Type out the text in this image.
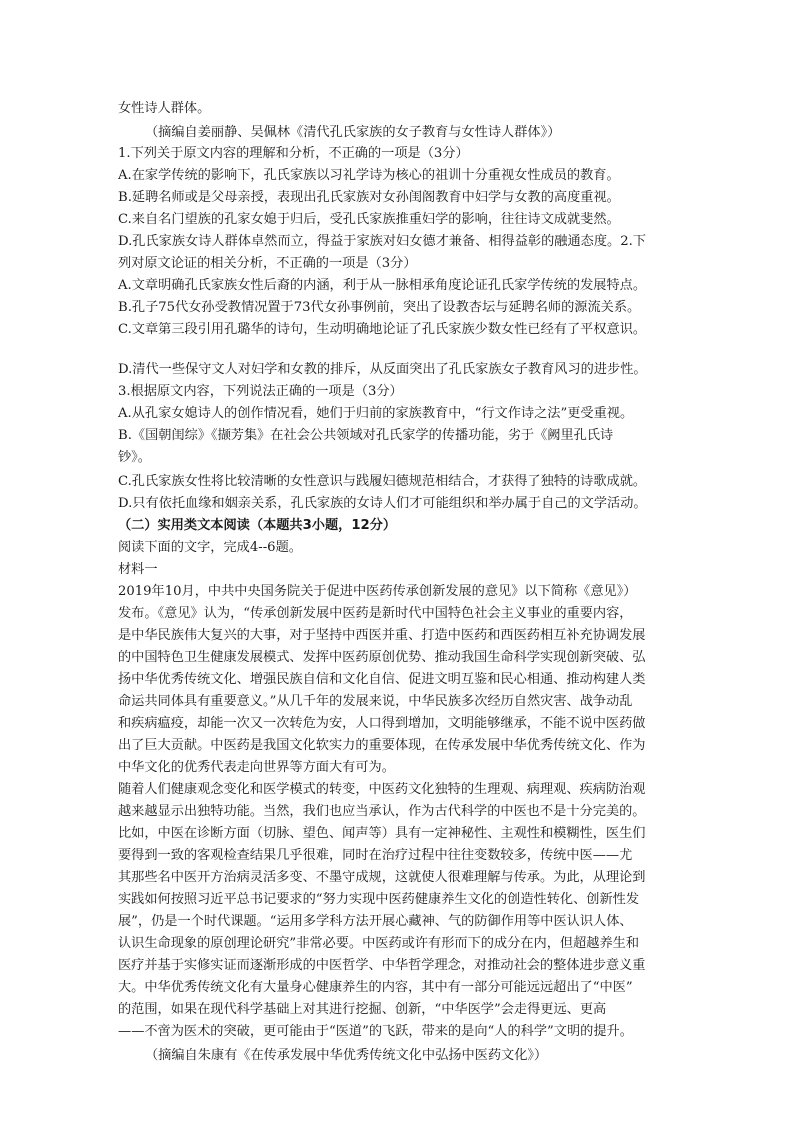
女性诗人群体。
（摘编自姜丽静、吴佩林《清代孔氏家族的女子教育与女性诗人群体》）
1.下列关于原文内容的理解和分析，不正确的一项是（3分）
A.在家学传统的影响下，孔氏家族以习礼学诗为核心的祖训十分重视女性成员的教育。
B.延聘名师或是父母亲授，表现出孔氏家族对女孙闺阁教育中妇学与女教的高度重视。
C.来自名门望族的孔家女媳于归后，受孔氏家族推重妇学的影响，往往诗文成就斐然。
D.孔氏家族女诗人群体卓然而立，得益于家族对妇女德才兼备、相得益彰的融通态度。2.下
列对原文论证的相关分析，不正确的一项是（3分）
A.文章明确孔氏家族女性后裔的内涵，利于从一脉相承角度论证孔氏家学传统的发展特点。
B.孔子75代女孙受教情况置于73代女孙事例前，突出了设教杏坛与延聘名师的源流关系。
C.文章第三段引用孔璐华的诗句，生动明确地论证了孔氏家族少数女性已经有了平权意识。
D.清代一些保守文人对妇学和女教的排斥，从反面突出了孔氏家族女子教育风习的进步性。
3.根据原文内容，下列说法正确的一项是（3分）
A.从孔家女媳诗人的创作情况看，她们于归前的家族教育中，“行文作诗之法”更受重视。
B.《国朝闺综》《撷芳集》在社会公共领域对孔氏家学的传播功能，劣于《阙里孔氏诗
钞》。
C.孔氏家族女性将比较清晰的女性意识与践履妇德规范相结合，才获得了独特的诗歌成就。
D.只有依托血缘和姻亲关系，孔氏家族的女诗人们才可能组织和举办属于自己的文学活动。
（二）实用类文本阅读（本题共3小题，12分）
阅读下面的文字，完成4--6题。
材料一
2019年10月，中共中央国务院关于促进中医药传承创新发展的意见》以下简称《意见》）
发布。《意见》认为，“传承创新发展中医药是新时代中国特色社会主义事业的重要内容，
是中华民族伟大复兴的大事，对于坚持中西医并重、打造中医药和西医药相互补充协调发展
的中国特色卫生健康发展模式、发挥中医药原创优势、推动我国生命科学实现创新突破、弘
扬中华优秀传统文化、增强民族自信和文化自信、促进文明互鉴和民心相通、推动构建人类
命运共同体具有重要意义。”从几千年的发展来说，中华民族多次经历自然灾害、战争动乱
和疾病瘟疫，却能一次又一次转危为安，人口得到增加，文明能够继承，不能不说中医药做
出了巨大贡献。中医药是我国文化软实力的重要体现，在传承发展中华优秀传统文化、作为
中华文化的优秀代表走向世界等方面大有可为。
随着人们健康观念变化和医学模式的转变，中医药文化独特的生理观、病理观、疾病防治观
越来越显示出独特功能。当然，我们也应当承认，作为古代科学的中医也不是十分完美的。
比如，中医在诊断方面（切脉、望色、闻声等）具有一定神秘性、主观性和模糊性，医生们
要得到一致的客观检查结果几乎很难，同时在治疗过程中往往变数较多，传统中医——尤
其那些名中医开方治病灵活多变、不墨守成规，这就使人很难理解与传承。为此，从理论到
实践如何按照习近平总书记要求的“努力实现中医药健康养生文化的创造性转化、创新性发
展”，仍是一个时代课题。“运用多学科方法开展心藏神、气的防御作用等中医认识人体、
认识生命现象的原创理论研究”非常必要。中医药或许有形而下的成分在内，但超越养生和
医疗并基于实修实证而逐渐形成的中医哲学、中华哲学理念，对推动社会的整体进步意义重
大。中华优秀传统文化有大量身心健康养生的内容，其中有一部分可能远远超出了“中医”
的范围，如果在现代科学基础上对其进行挖掘、创新，“中华医学”会走得更远、更高
——不啻为医术的突破，更可能由于“医道”的飞跃，带来的是向“人的科学”文明的提升。
（摘编自朱康有《在传承发展中华优秀传统文化中弘扬中医药文化》）
